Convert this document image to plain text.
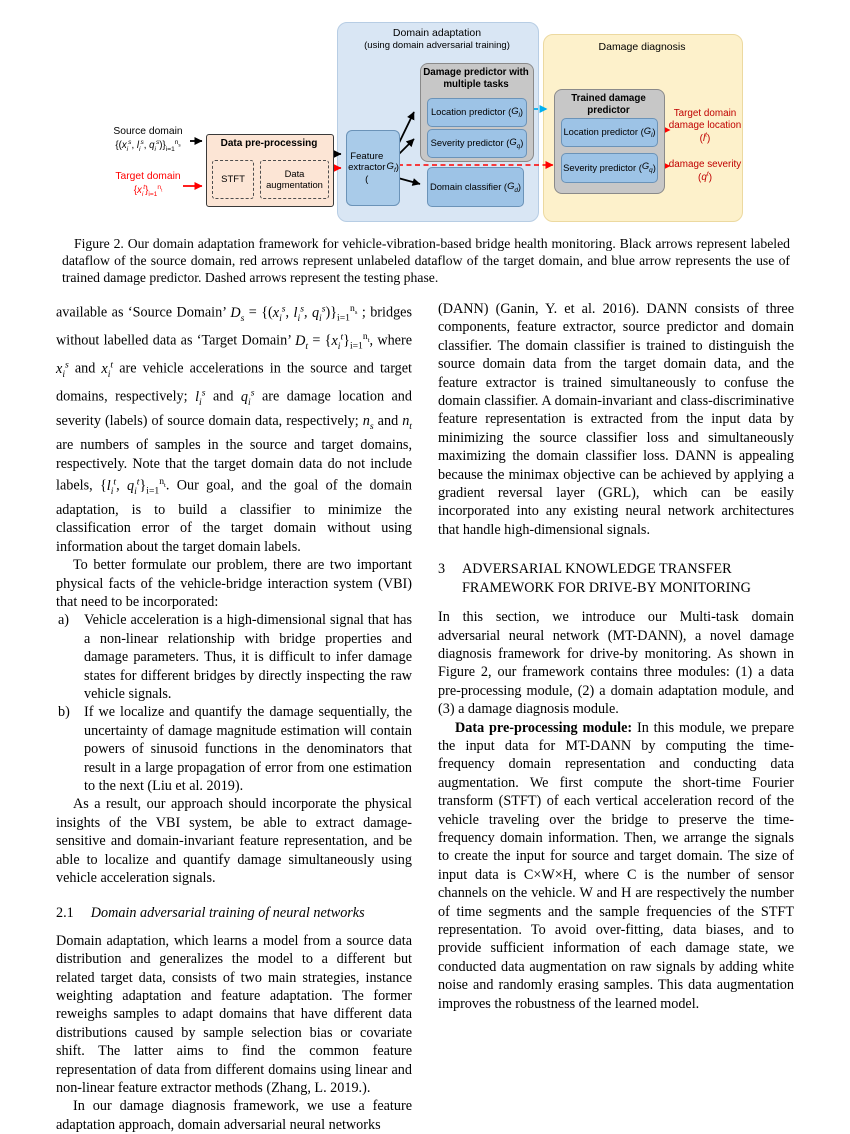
Domain adaptation
(using domain adversarial training)	Damage diagnosis
Source domain
{($x_i^s$, $l_i^s$, $q_i^s)\}_{i=1}^{n_s}$
Target domain
$\{x_i^t\}_{i=1}^{n_t}$
Data pre-processing
STFT
Data augmentation
Feature extractor (
$G_f$ )
Damage predictor with multiple tasks
Location predictor ( $G_l$ )
Severity predictor ( $G_q$ )
Domain classifier ( $G_d$ )
Trained damage predictor
Location predictor ( $G_l$ )
Severity predictor ( $G_q$ )
Target domain damage location $(l^t)$
damage severity $(q^t)$
Figure 2. Our domain adaptation framework for vehicle-vibration-based bridge health monitoring. Black arrows represent labeled dataflow of the source domain, red arrows represent unlabeled dataflow of the target domain, and blue arrow represents the use of trained damage predictor. Dashed arrows represent the testing phase.
available as ‘Source Domain’ $D_s = \{(x_i^s$, $l_i^s$, $q_i^s)\}_{i=1}^{n_s}$ ; bridges without labelled data as ‘Target Domain’ $D_t = \{x_i^t\}_{i=1}^{n_t}$, where $x_i^s$ and $x_i^t$ are vehicle accelerations in the source and target domains, respectively; $l_i^s$ and $q_i^s$ are damage location and severity (labels) of source domain data, respectively; $n_s$ and $n_t$ are numbers of samples in the source and target domains, respectively. Note that the target domain data do not include labels, {$l_i^t$, $q_i^t\}_{i=1}^{n_t}$. Our goal, and the goal of the domain adaptation, is to build a classifier to minimize the classification error of the target domain without using information about the target domain labels.
To better formulate our problem, there are two important physical facts of the vehicle-bridge interaction system (VBI) that need to be incorporated:
a) Vehicle acceleration is a high-dimensional signal that has a non-linear relationship with bridge properties and damage parameters. Thus, it is difficult to infer damage states for different bridges by directly inspecting the raw vehicle signals.
b) If we localize and quantify the damage sequentially, the uncertainty of damage magnitude estimation will contain powers of sinusoid functions in the denominators that result in a large propagation of error from one estimation to the next (Liu et al. 2019).
As a result, our approach should incorporate the physical insights of the VBI system, be able to extract damage-sensitive and domain-invariant feature representation, and be able to localize and quantify damage simultaneously using vehicle acceleration signals.
2.1 Domain adversarial training of neural networks
Domain adaptation, which learns a model from a source data distribution and generalizes the model to a different but related target data, consists of two main strategies, instance weighting adaptation and feature adaptation. The former reweighs samples to adapt domains that have different data distributions caused by sample selection bias or covariate shift. The latter aims to find the common feature representation of data from different domains using linear and non-linear feature extractor methods (Zhang, L. 2019.).
In our damage diagnosis framework, we use a feature adaptation approach, domain adversarial neural networks
(DANN) (Ganin, Y. et al. 2016). DANN consists of three components, feature extractor, source predictor and domain classifier. The domain classifier is trained to distinguish the source domain data from the target domain data, and the feature extractor is trained simultaneously to confuse the domain classifier. A domain-invariant and class-discriminative feature representation is extracted from the input data by minimizing the source classifier loss and simultaneously maximizing the domain classifier loss. DANN is appealing because the minimax objective can be achieved by applying a gradient reversal layer (GRL), which can be easily incorporated into any existing neural network architectures that handle high-dimensional signals.
3	ADVERSARIAL KNOWLEDGE TRANSFER
FRAMEWORK FOR DRIVE-BY MONITORING
In this section, we introduce our Multi-task domain adversarial neural network (MT-DANN), a novel damage diagnosis framework for drive-by monitoring. As shown in Figure 2, our framework contains three modules: (1) a data pre-processing module, (2) a domain adaptation module, and (3) a damage diagnosis module.
Data pre-processing module: In this module, we prepare the input data for MT-DANN by computing the time-frequency domain representation and conducting data augmentation. We first compute the short-time Fourier transform (STFT) of each vertical acceleration record of the vehicle traveling over the bridge to preserve the time-frequency domain information. Then, we arrange the signals to create the input for source and target domain. The size of input data is C×W×H, where C is the number of sensor channels on the vehicle. W and H are respectively the number of time segments and the sample frequencies of the STFT representation. To avoid over-fitting, data biases, and to provide sufficient information of each damage state, we conducted data augmentation on raw signals by adding white noise and randomly erasing samples. This data augmentation improves the robustness of the learned model.
